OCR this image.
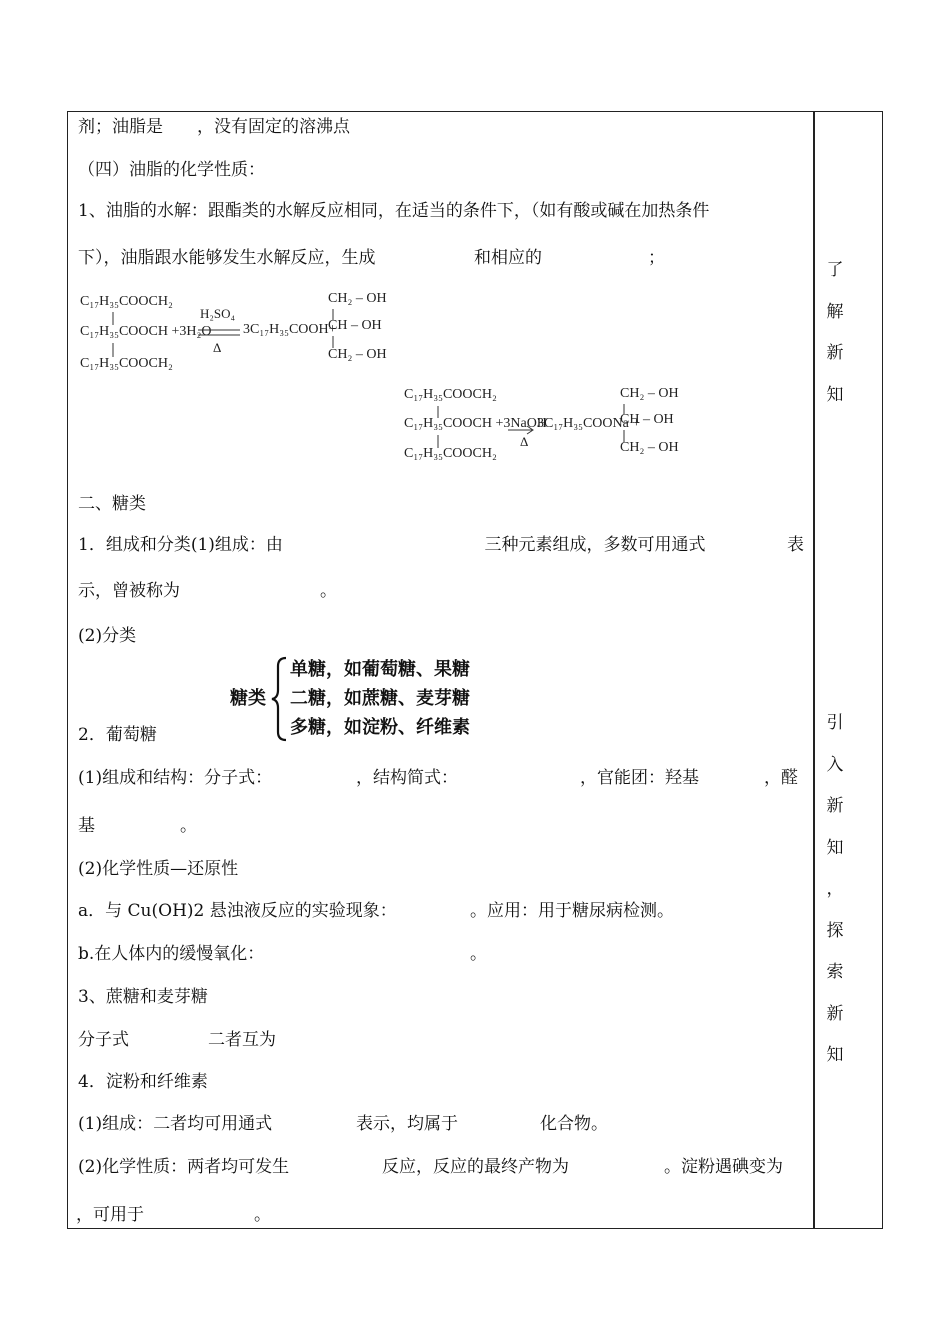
剂；油脂是　　，没有固定的溶沸点
（四）油脂的化学性质：
1、油脂的水解：跟酯类的水解反应相同，在适当的条件下，（如有酸或碱在加热条件
下），油脂跟水能够发生水解反应，生成	和相应的	；
C₁₇H₃₅COOCH₂
C₁₇H₃₅COOCH +3H₂O
C₁₇H₃₅COOCH₂
H₂SO₄
Δ
3C₁₇H₃₅COOH+
CH₂ – OH
CH – OH
CH₂ – OH
C₁₇H₃₅COOCH₂
C₁₇H₃₅COOCH +3NaOH
C₁₇H₃₅COOCH₂
Δ
3C₁₇H₃₅COONa +
CH₂ – OH
CH – OH
CH₂ – OH
二、糖类
1．组成和分类(1)组成：由	三种元素组成，多数可用通式	表
示，曾被称为	。
(2)分类
糖类
单糖，如葡萄糖、果糖
二糖，如蔗糖、麦芽糖
多糖，如淀粉、纤维素
2．葡萄糖
(1)组成和结构：分子式：	，结构简式：	，官能团：羟基	，醛
基	。
(2)化学性质—还原性
a．与 Cu(OH)2 悬浊液反应的实验现象：	。应用：用于糖尿病检测。
b.在人体内的缓慢氧化：	。
3、蔗糖和麦芽糖
分子式	二者互为
4．淀粉和纤维素
(1)组成：二者均可用通式	表示，均属于	化合物。
(2)化学性质：两者均可发生	反应，反应的最终产物为	。淀粉遇碘变为
，可用于	。
了
解
新
知
引
入
新
知
，
探
索
新
知
